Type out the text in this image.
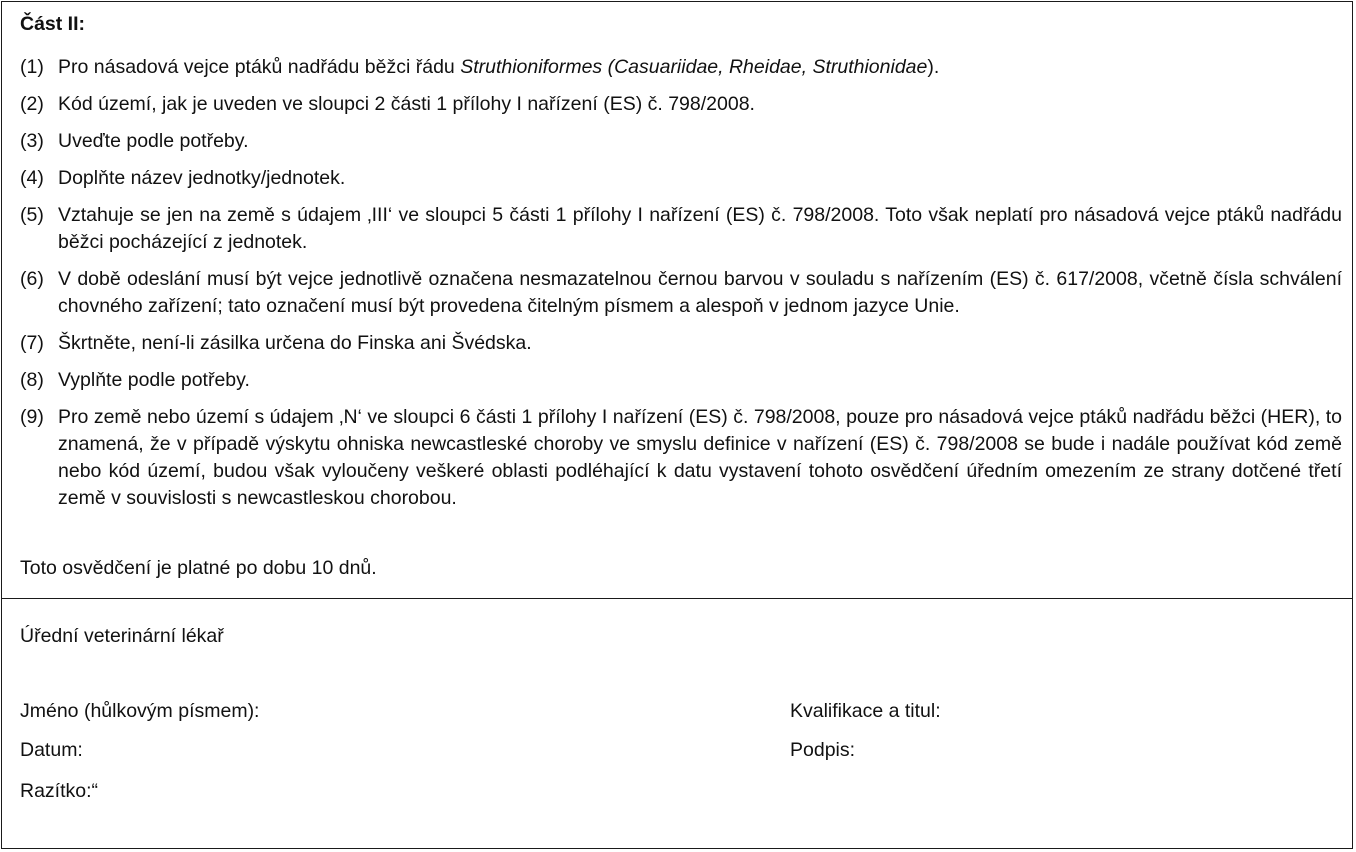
Část II:
(1) Pro násadová vejce ptáků nadřádu běžci řádu Struthioniformes (Casuariidae, Rheidae, Struthionidae).
(2) Kód území, jak je uveden ve sloupci 2 části 1 přílohy I nařízení (ES) č. 798/2008.
(3) Uveďte podle potřeby.
(4) Doplňte název jednotky/jednotek.
(5) Vztahuje se jen na země s údajem ‚III‘ ve sloupci 5 části 1 přílohy I nařízení (ES) č. 798/2008. Toto však neplatí pro násadová vejce ptáků nadřádu běžci pocházející z jednotek.
(6) V době odeslání musí být vejce jednotlivě označena nesmazatelnou černou barvou v souladu s nařízením (ES) č. 617/2008, včetně čísla schválení chovného zařízení; tato označení musí být provedena čitelným písmem a alespoň v jednom jazyce Unie.
(7) Škrtněte, není-li zásilka určena do Finska ani Švédska.
(8) Vyplňte podle potřeby.
(9) Pro země nebo území s údajem ‚N‘ ve sloupci 6 části 1 přílohy I nařízení (ES) č. 798/2008, pouze pro násadová vejce ptáků nadřádu běžci (HER), to znamená, že v případě výskytu ohniska newcastleské choroby ve smyslu definice v nařízení (ES) č. 798/2008 se bude i nadále používat kód země nebo kód území, budou však vyloučeny veškeré oblasti podléhající k datu vystavení tohoto osvědčení úředním omezením ze strany dotčené třetí země v souvislosti s newcastleskou chorobou.

Toto osvědčení je platné po dobu 10 dnů.

Úřední veterinární lékař

Jméno (hůlkovým písmem):	Kvalifikace a titul:

Datum:	Podpis:

Razítko:“
